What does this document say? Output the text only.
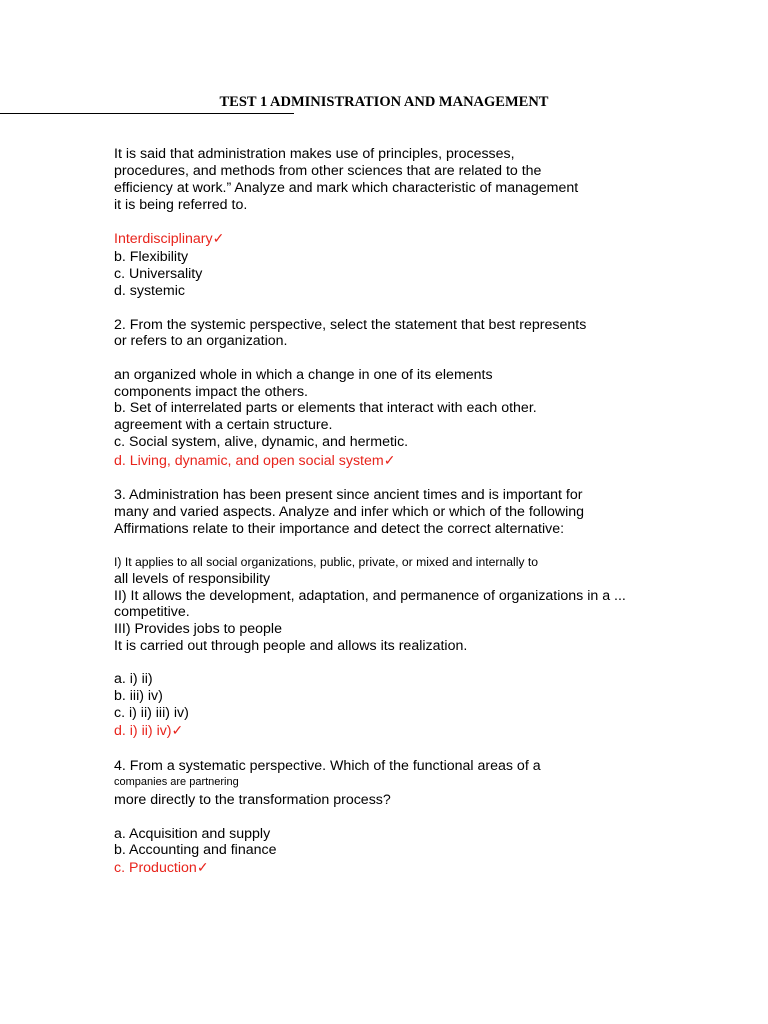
TEST 1 ADMINISTRATION AND MANAGEMENT
It is said that administration makes use of principles, processes,
procedures, and methods from other sciences that are related to the
efficiency at work.” Analyze and mark which characteristic of management
it is being referred to.
Interdisciplinary✓
b. Flexibility
c. Universality
d. systemic
2. From the systemic perspective, select the statement that best represents
or refers to an organization.
an organized whole in which a change in one of its elements
components impact the others.
b. Set of interrelated parts or elements that interact with each other.
agreement with a certain structure.
c. Social system, alive, dynamic, and hermetic.
d. Living, dynamic, and open social system✓
3. Administration has been present since ancient times and is important for
many and varied aspects. Analyze and infer which or which of the following
Affirmations relate to their importance and detect the correct alternative:
I) It applies to all social organizations, public, private, or mixed and internally to
all levels of responsibility
II) It allows the development, adaptation, and permanence of organizations in a ...
competitive.
III) Provides jobs to people
It is carried out through people and allows its realization.
a. i) ii)
b. iii) iv)
c. i) ii) iii) iv)
d. i) ii) iv)✓
4. From a systematic perspective. Which of the functional areas of a
companies are partnering
more directly to the transformation process?
a. Acquisition and supply
b. Accounting and finance
c. Production✓
